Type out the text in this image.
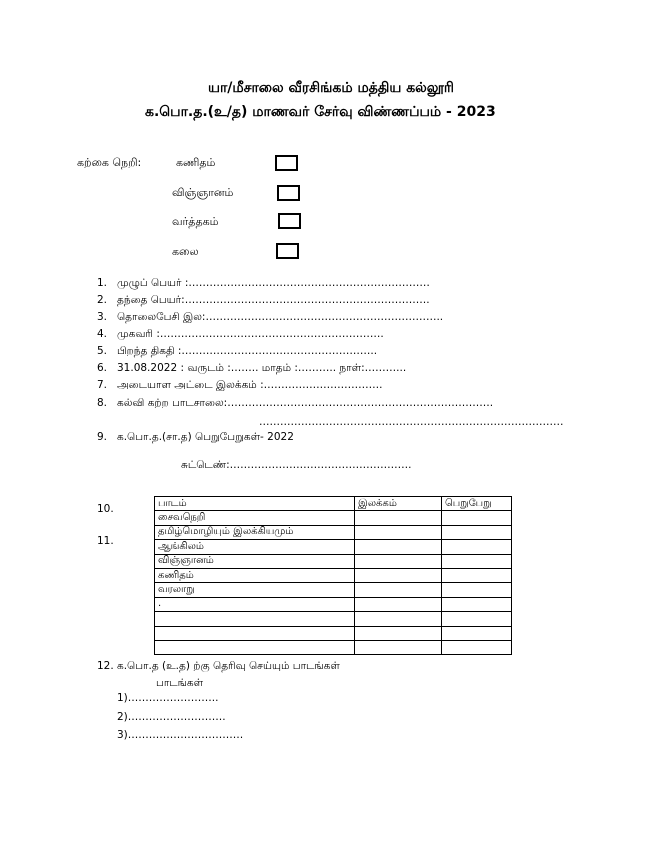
யா/மீசாலை வீரசிங்கம் மத்திய கல்லூரி
க.பொ.த.(உ/த) மாணவர் சேர்வு விண்ணப்பம் - 2023
கற்கை நெறி:	கணிதம்
விஞ்ஞானம்
வர்த்தகம்
கலை
1. முழுப் பெயர் :……………………………………………………………
2. தந்தை பெயர்:…………………………………………………………….
3. தொலைபேசி இல:…………………………………………………………..
4. முகவரி :……………………………………………………….
5. பிறந்த திகதி :………………………………………………..
6. 31.08.2022 : வருடம் :…….. மாதம் :……….. நாள்:………...
7. அடையாள அட்டை இலக்கம் :…………………………….
8. கல்வி கற்ற பாடசாலை:………………………………………………………………….
……………………………………………………………………………
9. க.பொ.த.(சா.த) பெறுபேறுகள்- 2022
சுட்டெண்:…………………………………………….
10.
11.
பாடம்	இலக்கம்	பெறுபேறு
சைவநெறி		
தமிழ்மொழியும் இலக்கியமும்		
ஆங்கிலம்		
விஞ்ஞானம்		
கணிதம்		
வரலாறு		
.		

12. க.பொ.த (உ.த) ற்கு தெரிவு செய்யும் பாடங்கள்
பாடங்கள்
1)……………………..
2)……………………….
3)……………………………
